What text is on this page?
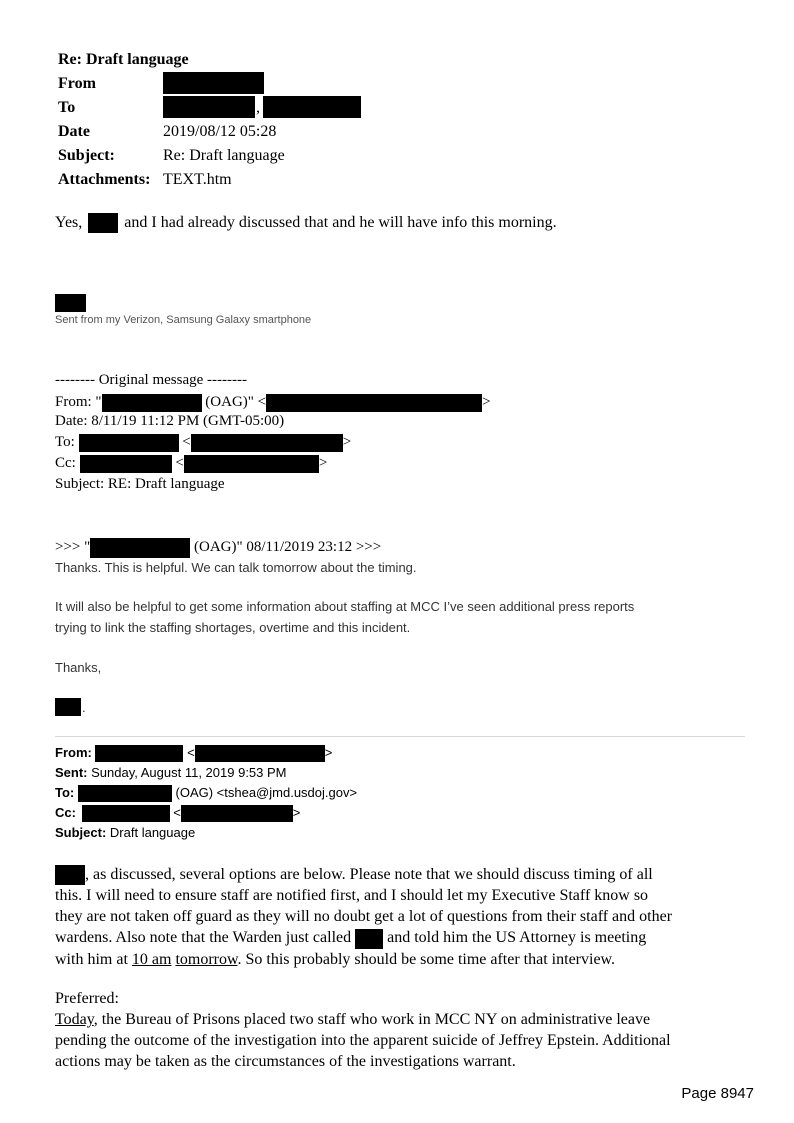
Re: Draft language
From
To	,
Date	2019/08/12 05:28
Subject:	Re: Draft language
Attachments: TEXT.htm
Yes,	and I had already discussed that and he will have info this morning.
Sent from my Verizon, Samsung Galaxy smartphone
-------- Original message --------
From: "	(OAG)" <	>
Date: 8/11/19 11:12 PM (GMT-05:00)
To:	<	>
Cc:	<	>
Subject: RE: Draft language
>>> "	(OAG)" 08/11/2019 23:12 >>>
Thanks. This is helpful. We can talk tomorrow about the timing.
It will also be helpful to get some information about staffing at MCC I’ve seen additional press reports
trying to link the staffing shortages, overtime and this incident.
Thanks,
.
From:	<	>
Sent: Sunday, August 11, 2019 9:53 PM
To:	(OAG) <tshea@jmd.usdoj.gov>
Cc:	<	>
Subject: Draft language
, as discussed, several options are below. Please note that we should discuss timing of all
this. I will need to ensure staff are notified first, and I should let my Executive Staff know so
they are not taken off guard as they will no doubt get a lot of questions from their staff and other
wardens. Also note that the Warden just called and told him the US Attorney is meeting
with him at 10 am tomorrow. So this probably should be some time after that interview.
Preferred:
Today, the Bureau of Prisons placed two staff who work in MCC NY on administrative leave
pending the outcome of the investigation into the apparent suicide of Jeffrey Epstein. Additional
actions may be taken as the circumstances of the investigations warrant.
Page 8947
